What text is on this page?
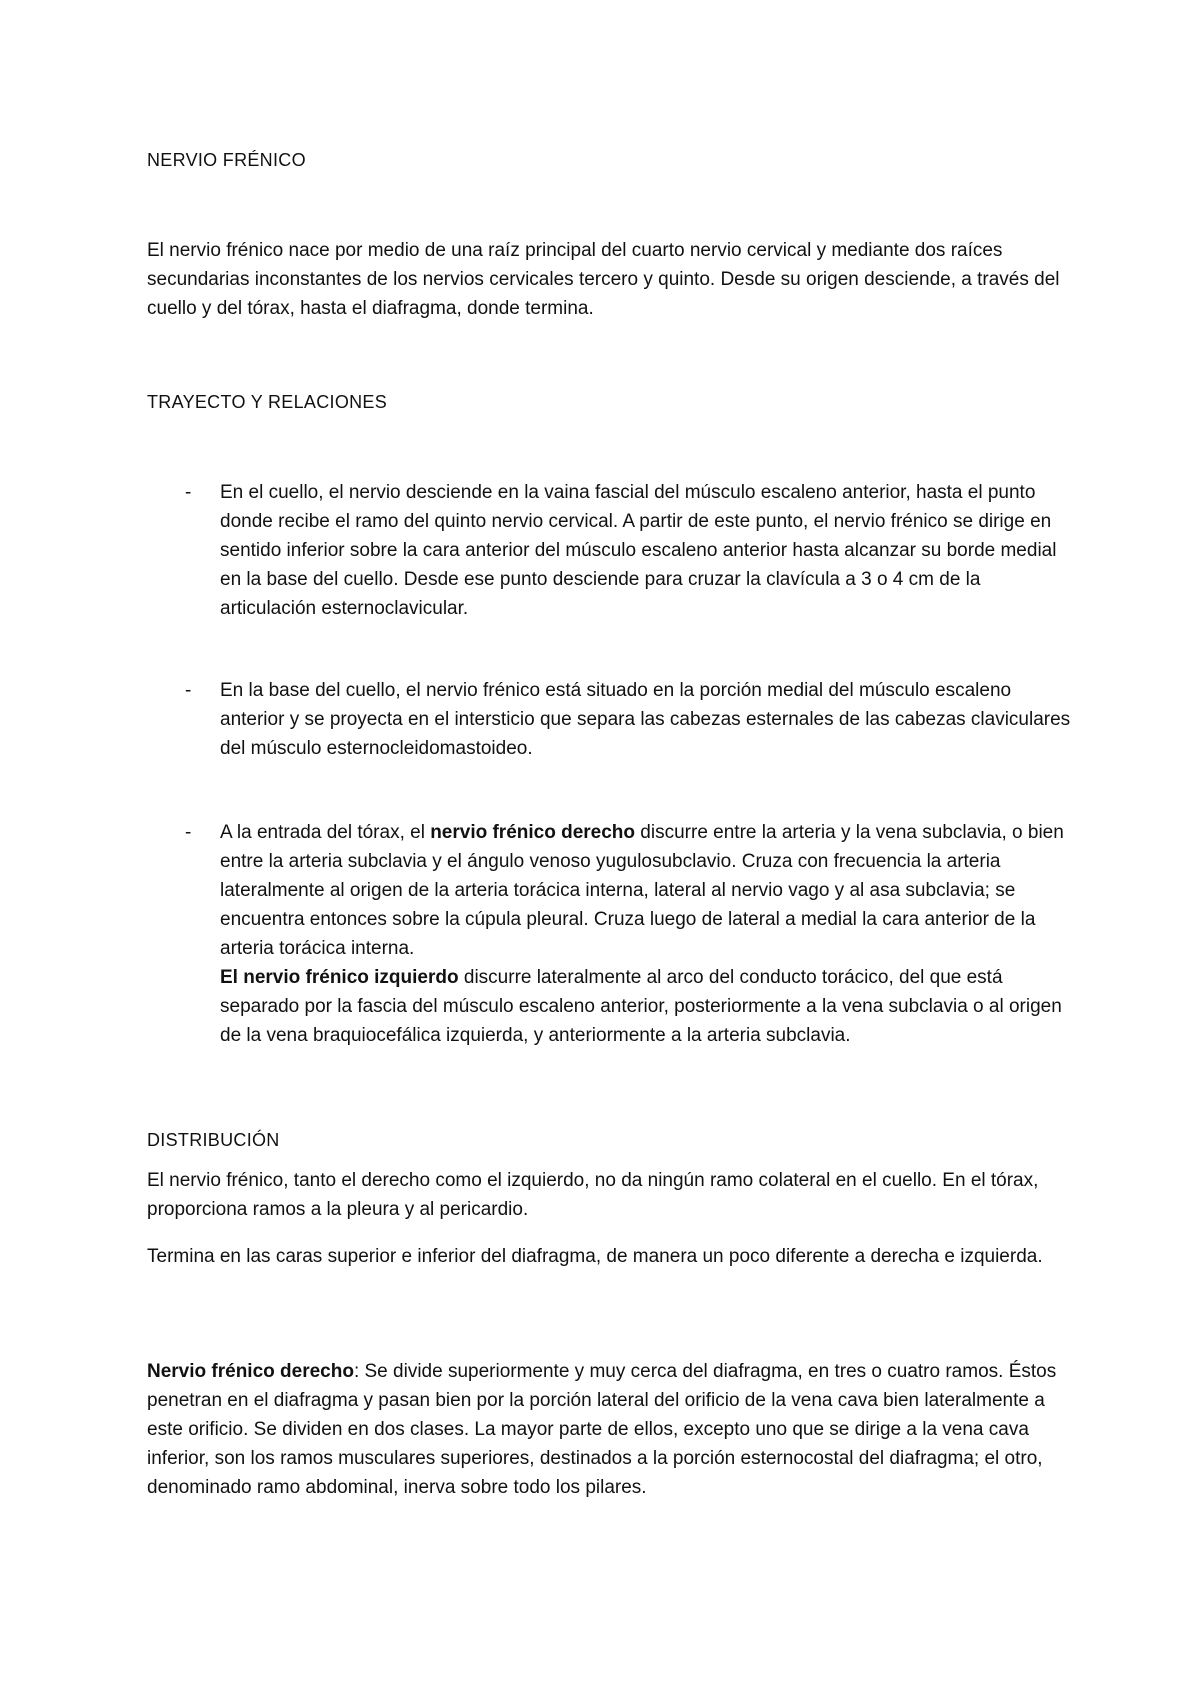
NERVIO FRÉNICO

El nervio frénico nace por medio de una raíz principal del cuarto nervio cervical y mediante dos raíces secundarias inconstantes de los nervios cervicales tercero y quinto. Desde su origen desciende, a través del cuello y del tórax, hasta el diafragma, donde termina.

TRAYECTO Y RELACIONES
- En el cuello, el nervio desciende en la vaina fascial del músculo escaleno anterior, hasta el punto donde recibe el ramo del quinto nervio cervical. A partir de este punto, el nervio frénico se dirige en sentido inferior sobre la cara anterior del músculo escaleno anterior hasta alcanzar su borde medial en la base del cuello. Desde ese punto desciende para cruzar la clavícula a 3 o 4 cm de la articulación esternoclavicular.

- En la base del cuello, el nervio frénico está situado en la porción medial del músculo escaleno anterior y se proyecta en el intersticio que separa las cabezas esternales de las cabezas claviculares del músculo esternocleidomastoideo.

- A la entrada del tórax, el nervio frénico derecho discurre entre la arteria y la vena subclavia, o bien entre la arteria subclavia y el ángulo venoso yugulosubclavio. Cruza con frecuencia la arteria lateralmente al origen de la arteria torácica interna, lateral al nervio vago y al asa subclavia; se encuentra entonces sobre la cúpula pleural. Cruza luego de lateral a medial la cara anterior de la arteria torácica interna.

El nervio frénico izquierdo discurre lateralmente al arco del conducto torácico, del que está separado por la fascia del músculo escaleno anterior, posteriormente a la vena subclavia o al origen de la vena braquiocefálica izquierda, y anteriormente a la arteria subclavia.

DISTRIBUCIÓN

El nervio frénico, tanto el derecho como el izquierdo, no da ningún ramo colateral en el cuello. En el tórax, proporciona ramos a la pleura y al pericardio.

Termina en las caras superior e inferior del diafragma, de manera un poco diferente a derecha e izquierda.

Nervio frénico derecho: Se divide superiormente y muy cerca del diafragma, en tres o cuatro ramos. Éstos penetran en el diafragma y pasan bien por la porción lateral del orificio de la vena cava bien lateralmente a este orificio. Se dividen en dos clases. La mayor parte de ellos, excepto uno que se dirige a la vena cava inferior, son los ramos musculares superiores, destinados a la porción esternocostal del diafragma; el otro, denominado ramo abdominal, inerva sobre todo los pilares.
